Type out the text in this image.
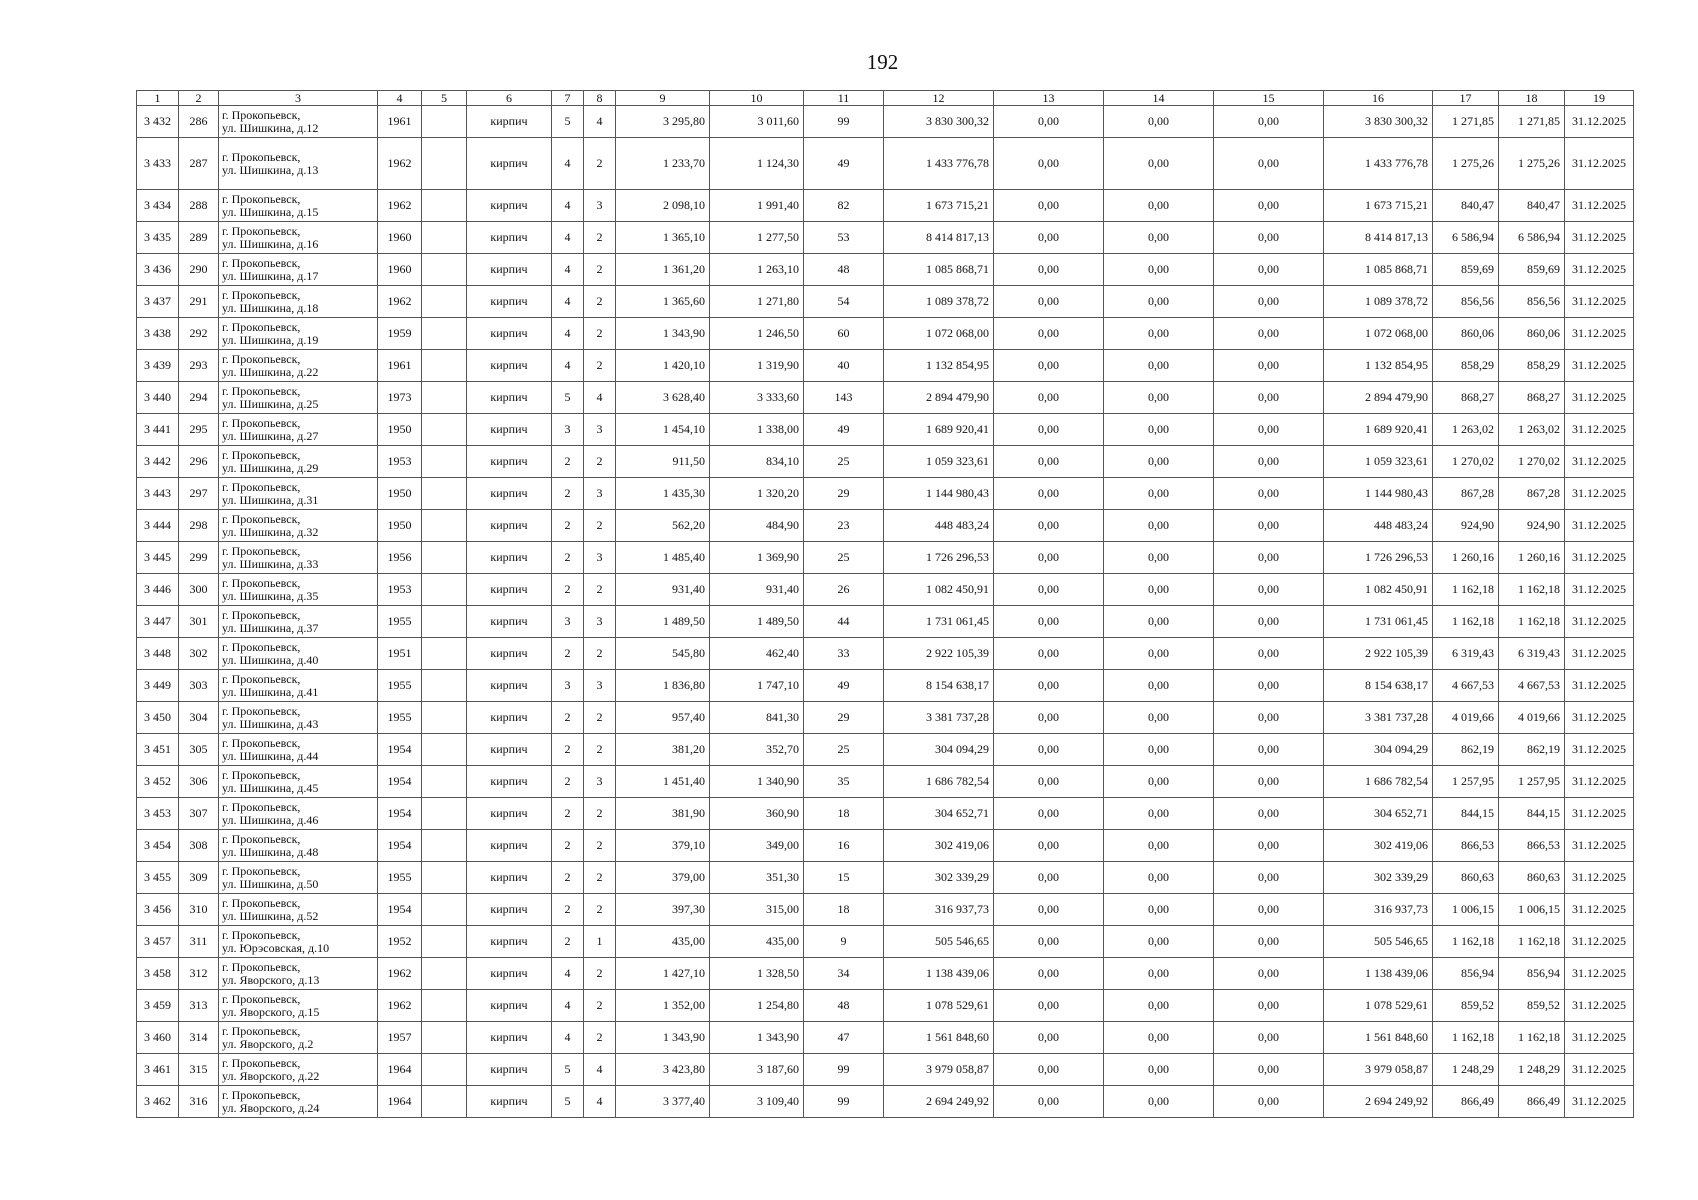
192
1	2	3	4	5	6	7	8	9	10	11	12	13	14	15	16	17	18	19
3 432	286	г. Прокопьевск,
ул. Шишкина, д.12	1961		кирпич	5	4	3 295,80	3 011,60	99	3 830 300,32	0,00	0,00	0,00	3 830 300,32	1 271,85	1 271,85	31.12.2025
3 433	287	г. Прокопьевск,
ул. Шишкина, д.13	1962		кирпич	4	2	1 233,70	1 124,30	49	1 433 776,78	0,00	0,00	0,00	1 433 776,78	1 275,26	1 275,26	31.12.2025
3 434	288	г. Прокопьевск,
ул. Шишкина, д.15	1962		кирпич	4	3	2 098,10	1 991,40	82	1 673 715,21	0,00	0,00	0,00	1 673 715,21	840,47	840,47	31.12.2025
3 435	289	г. Прокопьевск,
ул. Шишкина, д.16	1960		кирпич	4	2	1 365,10	1 277,50	53	8 414 817,13	0,00	0,00	0,00	8 414 817,13	6 586,94	6 586,94	31.12.2025
3 436	290	г. Прокопьевск,
ул. Шишкина, д.17	1960		кирпич	4	2	1 361,20	1 263,10	48	1 085 868,71	0,00	0,00	0,00	1 085 868,71	859,69	859,69	31.12.2025
3 437	291	г. Прокопьевск,
ул. Шишкина, д.18	1962		кирпич	4	2	1 365,60	1 271,80	54	1 089 378,72	0,00	0,00	0,00	1 089 378,72	856,56	856,56	31.12.2025
3 438	292	г. Прокопьевск,
ул. Шишкина, д.19	1959		кирпич	4	2	1 343,90	1 246,50	60	1 072 068,00	0,00	0,00	0,00	1 072 068,00	860,06	860,06	31.12.2025
3 439	293	г. Прокопьевск,
ул. Шишкина, д.22	1961		кирпич	4	2	1 420,10	1 319,90	40	1 132 854,95	0,00	0,00	0,00	1 132 854,95	858,29	858,29	31.12.2025
3 440	294	г. Прокопьевск,
ул. Шишкина, д.25	1973		кирпич	5	4	3 628,40	3 333,60	143	2 894 479,90	0,00	0,00	0,00	2 894 479,90	868,27	868,27	31.12.2025
3 441	295	г. Прокопьевск,
ул. Шишкина, д.27	1950		кирпич	3	3	1 454,10	1 338,00	49	1 689 920,41	0,00	0,00	0,00	1 689 920,41	1 263,02	1 263,02	31.12.2025
3 442	296	г. Прокопьевск,
ул. Шишкина, д.29	1953		кирпич	2	2	911,50	834,10	25	1 059 323,61	0,00	0,00	0,00	1 059 323,61	1 270,02	1 270,02	31.12.2025
3 443	297	г. Прокопьевск,
ул. Шишкина, д.31	1950		кирпич	2	3	1 435,30	1 320,20	29	1 144 980,43	0,00	0,00	0,00	1 144 980,43	867,28	867,28	31.12.2025
3 444	298	г. Прокопьевск,
ул. Шишкина, д.32	1950		кирпич	2	2	562,20	484,90	23	448 483,24	0,00	0,00	0,00	448 483,24	924,90	924,90	31.12.2025
3 445	299	г. Прокопьевск,
ул. Шишкина, д.33	1956		кирпич	2	3	1 485,40	1 369,90	25	1 726 296,53	0,00	0,00	0,00	1 726 296,53	1 260,16	1 260,16	31.12.2025
3 446	300	г. Прокопьевск,
ул. Шишкина, д.35	1953		кирпич	2	2	931,40	931,40	26	1 082 450,91	0,00	0,00	0,00	1 082 450,91	1 162,18	1 162,18	31.12.2025
3 447	301	г. Прокопьевск,
ул. Шишкина, д.37	1955		кирпич	3	3	1 489,50	1 489,50	44	1 731 061,45	0,00	0,00	0,00	1 731 061,45	1 162,18	1 162,18	31.12.2025
3 448	302	г. Прокопьевск,
ул. Шишкина, д.40	1951		кирпич	2	2	545,80	462,40	33	2 922 105,39	0,00	0,00	0,00	2 922 105,39	6 319,43	6 319,43	31.12.2025
3 449	303	г. Прокопьевск,
ул. Шишкина, д.41	1955		кирпич	3	3	1 836,80	1 747,10	49	8 154 638,17	0,00	0,00	0,00	8 154 638,17	4 667,53	4 667,53	31.12.2025
3 450	304	г. Прокопьевск,
ул. Шишкина, д.43	1955		кирпич	2	2	957,40	841,30	29	3 381 737,28	0,00	0,00	0,00	3 381 737,28	4 019,66	4 019,66	31.12.2025
3 451	305	г. Прокопьевск,
ул. Шишкина, д.44	1954		кирпич	2	2	381,20	352,70	25	304 094,29	0,00	0,00	0,00	304 094,29	862,19	862,19	31.12.2025
3 452	306	г. Прокопьевск,
ул. Шишкина, д.45	1954		кирпич	2	3	1 451,40	1 340,90	35	1 686 782,54	0,00	0,00	0,00	1 686 782,54	1 257,95	1 257,95	31.12.2025
3 453	307	г. Прокопьевск,
ул. Шишкина, д.46	1954		кирпич	2	2	381,90	360,90	18	304 652,71	0,00	0,00	0,00	304 652,71	844,15	844,15	31.12.2025
3 454	308	г. Прокопьевск,
ул. Шишкина, д.48	1954		кирпич	2	2	379,10	349,00	16	302 419,06	0,00	0,00	0,00	302 419,06	866,53	866,53	31.12.2025
3 455	309	г. Прокопьевск,
ул. Шишкина, д.50	1955		кирпич	2	2	379,00	351,30	15	302 339,29	0,00	0,00	0,00	302 339,29	860,63	860,63	31.12.2025
3 456	310	г. Прокопьевск,
ул. Шишкина, д.52	1954		кирпич	2	2	397,30	315,00	18	316 937,73	0,00	0,00	0,00	316 937,73	1 006,15	1 006,15	31.12.2025
3 457	311	г. Прокопьевск,
ул. Юрэсовская, д.10	1952		кирпич	2	1	435,00	435,00	9	505 546,65	0,00	0,00	0,00	505 546,65	1 162,18	1 162,18	31.12.2025
3 458	312	г. Прокопьевск,
ул. Яворского, д.13	1962		кирпич	4	2	1 427,10	1 328,50	34	1 138 439,06	0,00	0,00	0,00	1 138 439,06	856,94	856,94	31.12.2025
3 459	313	г. Прокопьевск,
ул. Яворского, д.15	1962		кирпич	4	2	1 352,00	1 254,80	48	1 078 529,61	0,00	0,00	0,00	1 078 529,61	859,52	859,52	31.12.2025
3 460	314	г. Прокопьевск,
ул. Яворского, д.2	1957		кирпич	4	2	1 343,90	1 343,90	47	1 561 848,60	0,00	0,00	0,00	1 561 848,60	1 162,18	1 162,18	31.12.2025
3 461	315	г. Прокопьевск,
ул. Яворского, д.22	1964		кирпич	5	4	3 423,80	3 187,60	99	3 979 058,87	0,00	0,00	0,00	3 979 058,87	1 248,29	1 248,29	31.12.2025
3 462	316	г. Прокопьевск,
ул. Яворского, д.24	1964		кирпич	5	4	3 377,40	3 109,40	99	2 694 249,92	0,00	0,00	0,00	2 694 249,92	866,49	866,49	31.12.2025
